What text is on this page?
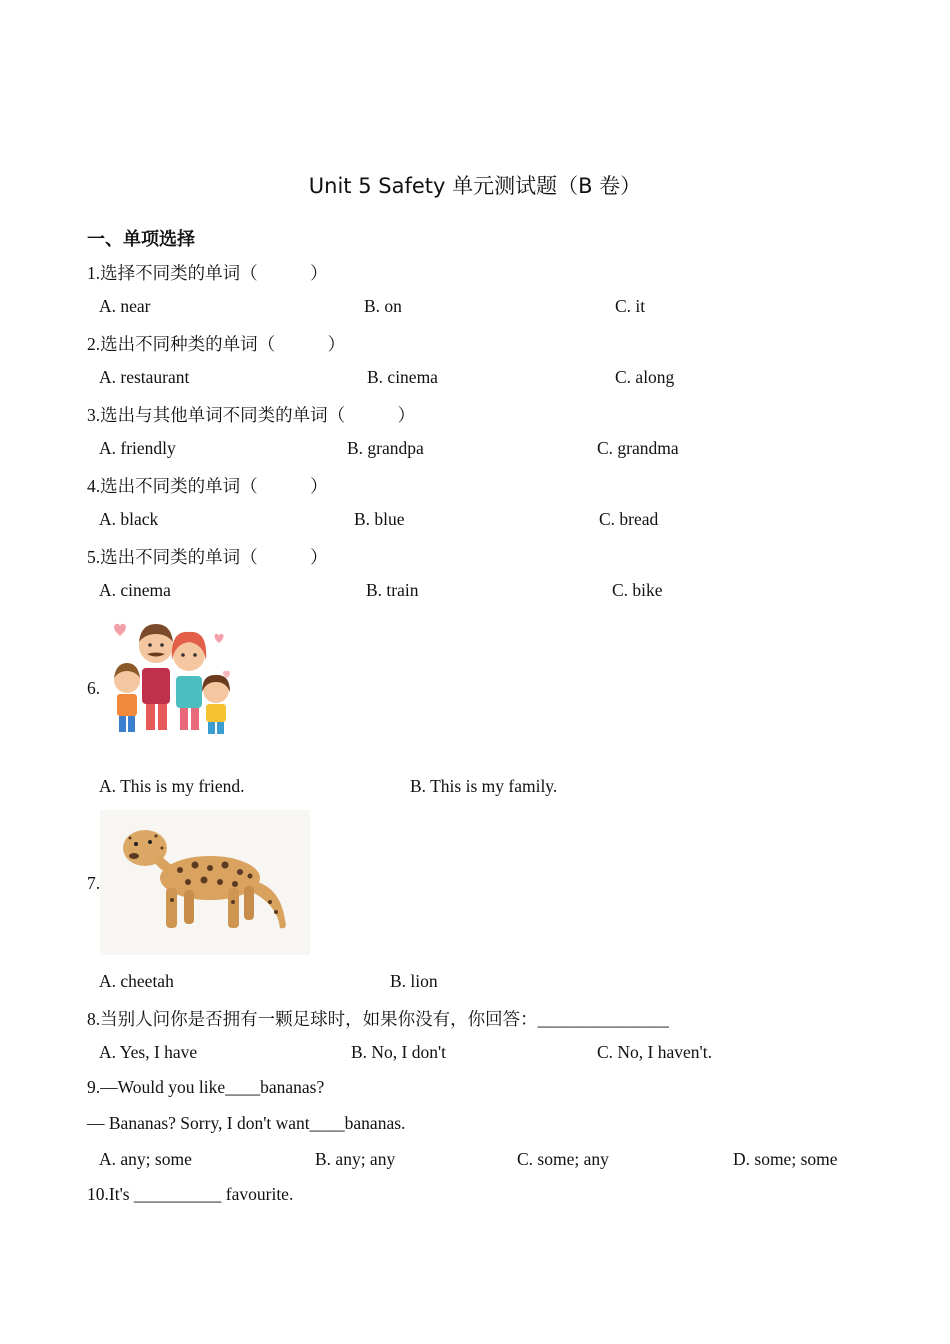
Unit 5 Safety 单元测试题（B 卷）
一、单项选择
1.选择不同类的单词（　　　）
A. near	B. on	C. it
2.选出不同种类的单词（　　　）
A. restaurant	B. cinema	C. along
3.选出与其他单词不同类的单词（　　　）
A. friendly	B. grandpa	C. grandma
4.选出不同类的单词（　　　）
A. black	B. blue	C. bread
5.选出不同类的单词（　　　）
A. cinema	B. train	C. bike
6.
A. This is my friend.	B. This is my family.
7.
A. cheetah	B. lion
8.当别人问你是否拥有一颗足球时，如果你没有，你回答：_______________
A. Yes, I have	B. No, I don't	C. No, I haven't.
9.—Would you like____bananas?
— Bananas? Sorry, I don't want____bananas.
A. any; some	B. any; any	C. some; any	D. some; some
10.It's __________ favourite.
